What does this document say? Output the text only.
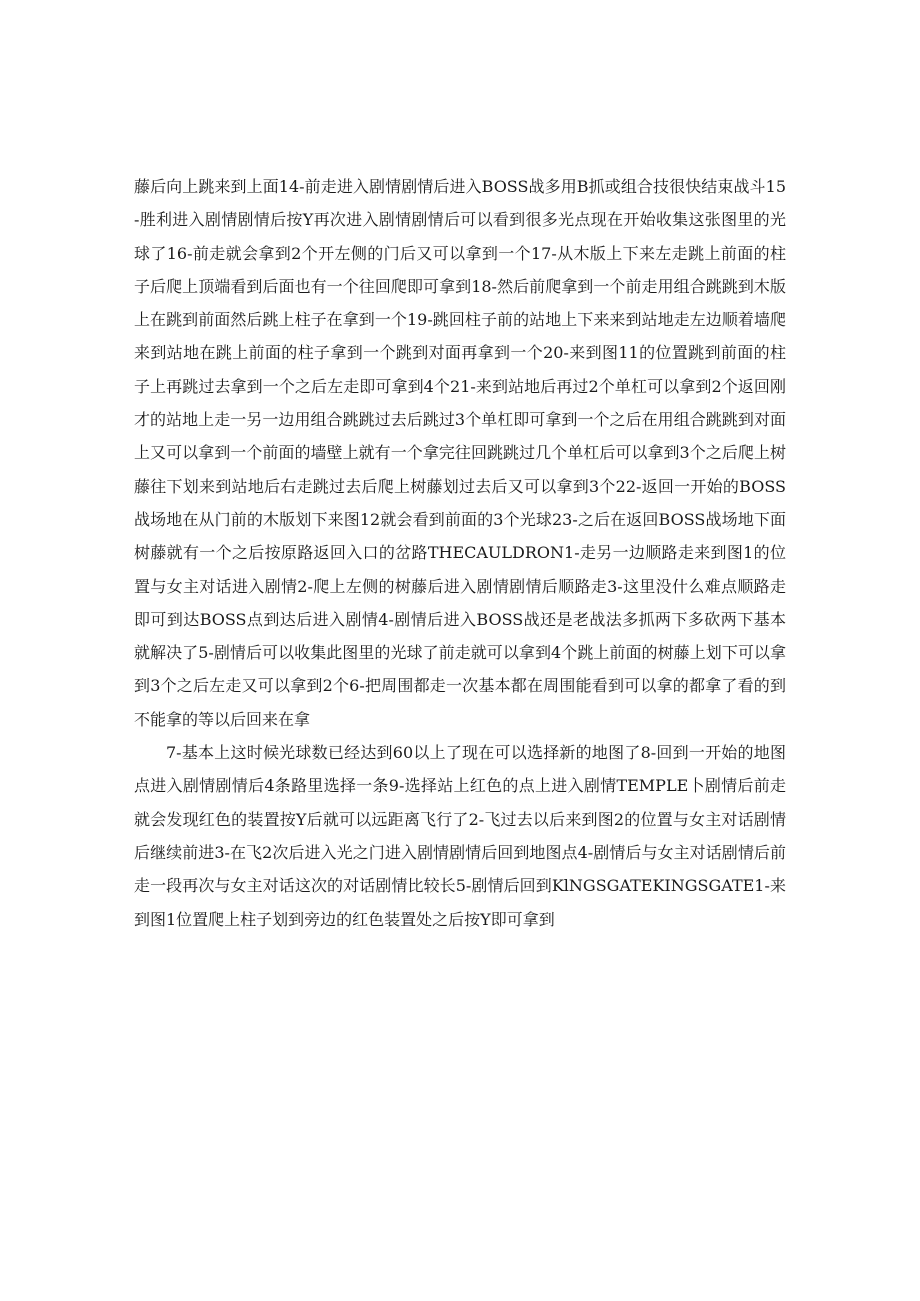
藤后向上跳来到上面14-前走进入剧情剧情后进入BOSS战多用B抓或组合技很快结束战斗15-胜利进入剧情剧情后按Y再次进入剧情剧情后可以看到很多光点现在开始收集这张图里的光球了16-前走就会拿到2个开左侧的门后又可以拿到一个17-从木版上下来左走跳上前面的柱子后爬上顶端看到后面也有一个往回爬即可拿到18-然后前爬拿到一个前走用组合跳跳到木版上在跳到前面然后跳上柱子在拿到一个19-跳回柱子前的站地上下来来到站地走左边顺着墙爬来到站地在跳上前面的柱子拿到一个跳到对面再拿到一个20-来到图11的位置跳到前面的柱子上再跳过去拿到一个之后左走即可拿到4个21-来到站地后再过2个单杠可以拿到2个返回刚才的站地上走一另一边用组合跳跳过去后跳过3个单杠即可拿到一个之后在用组合跳跳到对面上又可以拿到一个前面的墙壁上就有一个拿完往回跳跳过几个单杠后可以拿到3个之后爬上树藤往下划来到站地后右走跳过去后爬上树藤划过去后又可以拿到3个22-返回一开始的BOSS战场地在从门前的木版划下来图12就会看到前面的3个光球23-之后在返回BOSS战场地下面树藤就有一个之后按原路返回入口的岔路THECAULDRON1-走另一边顺路走来到图1的位置与女主对话进入剧情2-爬上左侧的树藤后进入剧情剧情后顺路走3-这里没什么难点顺路走即可到达BOSS点到达后进入剧情4-剧情后进入BOSS战还是老战法多抓两下多砍两下基本就解决了5-剧情后可以收集此图里的光球了前走就可以拿到4个跳上前面的树藤上划下可以拿到3个之后左走又可以拿到2个6-把周围都走一次基本都在周围能看到可以拿的都拿了看的到不能拿的等以后回来在拿

7-基本上这时候光球数已经达到60以上了现在可以选择新的地图了8-回到一开始的地图点进入剧情剧情后4条路里选择一条9-选择站上红色的点上进入剧情TEMPLE卜剧情后前走就会发现红色的装置按Y后就可以远距离飞行了2-飞过去以后来到图2的位置与女主对话剧情后继续前进3-在飞2次后进入光之门进入剧情剧情后回到地图点4-剧情后与女主对话剧情后前走一段再次与女主对话这次的对话剧情比较长5-剧情后回到KlNGSGATEKINGSGATE1-来到图1位置爬上柱子划到旁边的红色装置处之后按Y即可拿到
